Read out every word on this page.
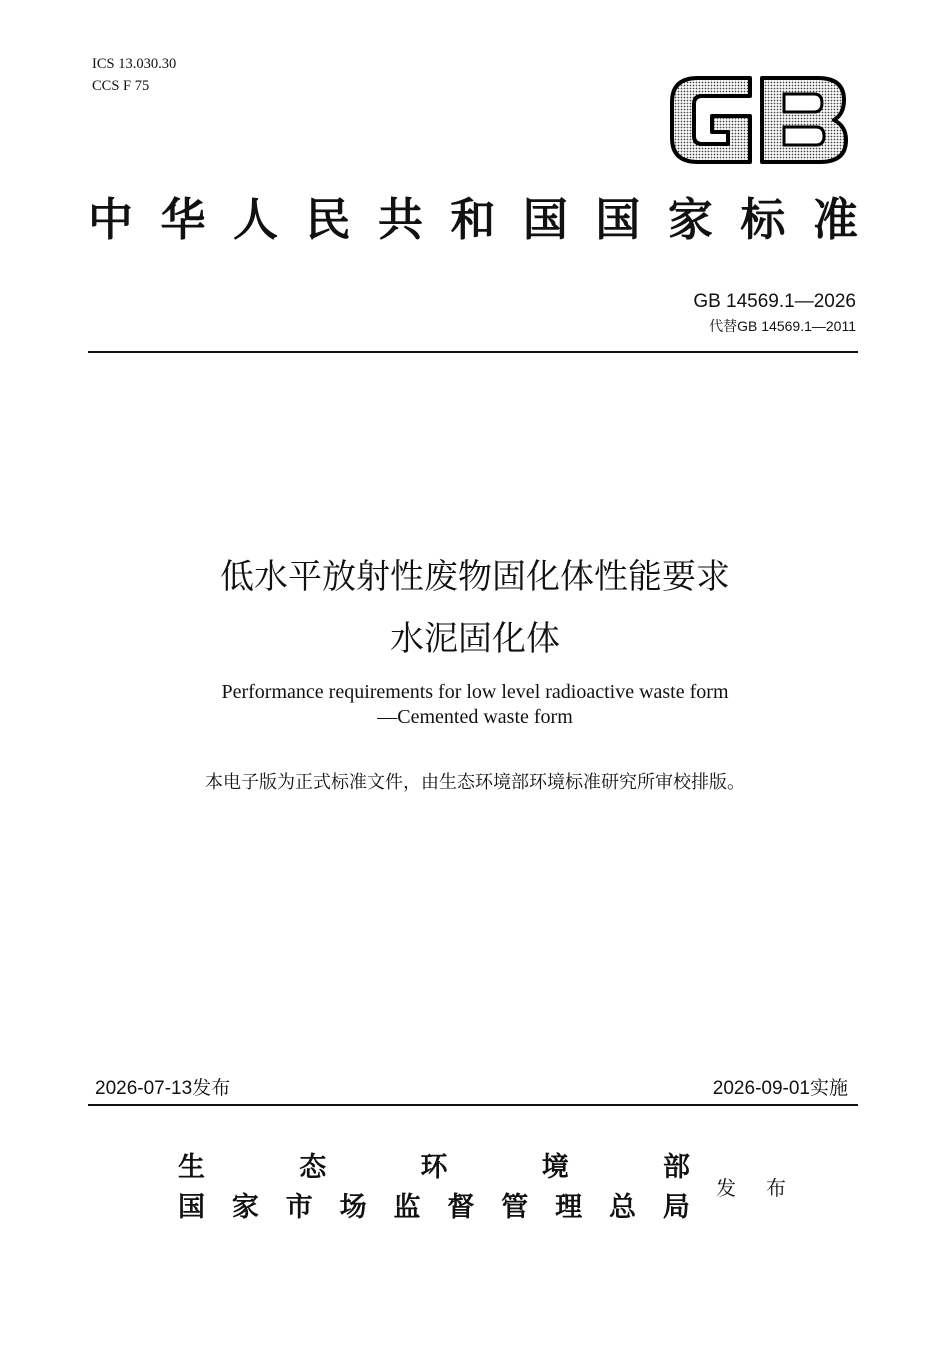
ICS 13.030.30
CCS F 75
中 华 人 民 共 和 国 国 家 标 准
GB 14569.1—2026
代替GB 14569.1—2011
低水平放射性废物固化体性能要求
水泥固化体
Performance requirements for low level radioactive waste form
—Cemented waste form
本电子版为正式标准文件，由生态环境部环境标准研究所审校排版。
2026-07-13发布	2026-09-01实施
生	态	环	境	部
国 家 市 场 监 督 管 理 总 局
发 布
